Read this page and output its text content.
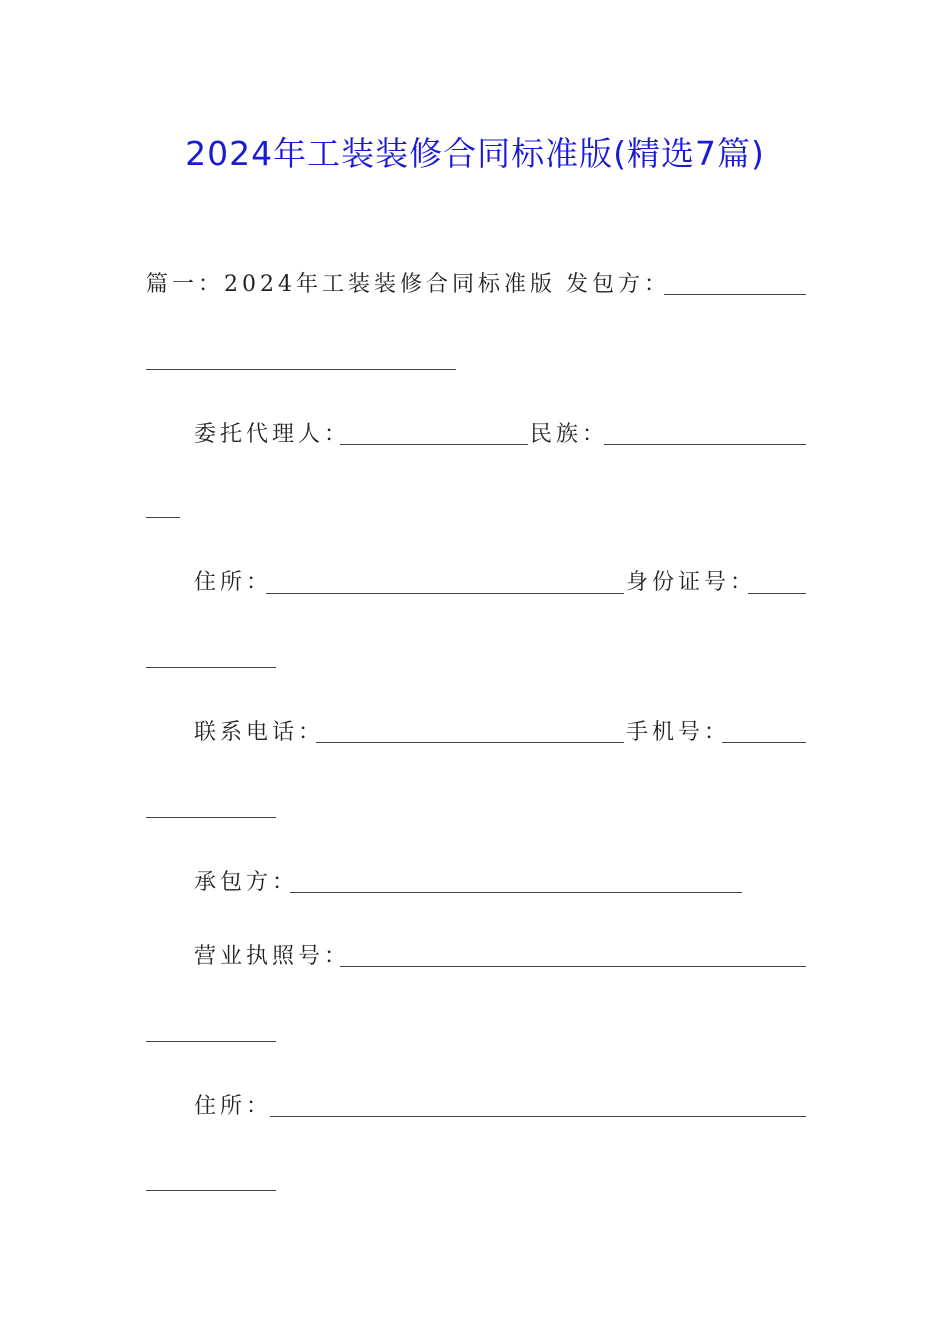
2024年工装装修合同标准版(精选7篇)
篇一：2024年工装装修合同标准版 发包方：
委托代理人：	民族：
住所：	身份证号：
联系电话：	手机号：
承包方：
营业执照号：
住所：
